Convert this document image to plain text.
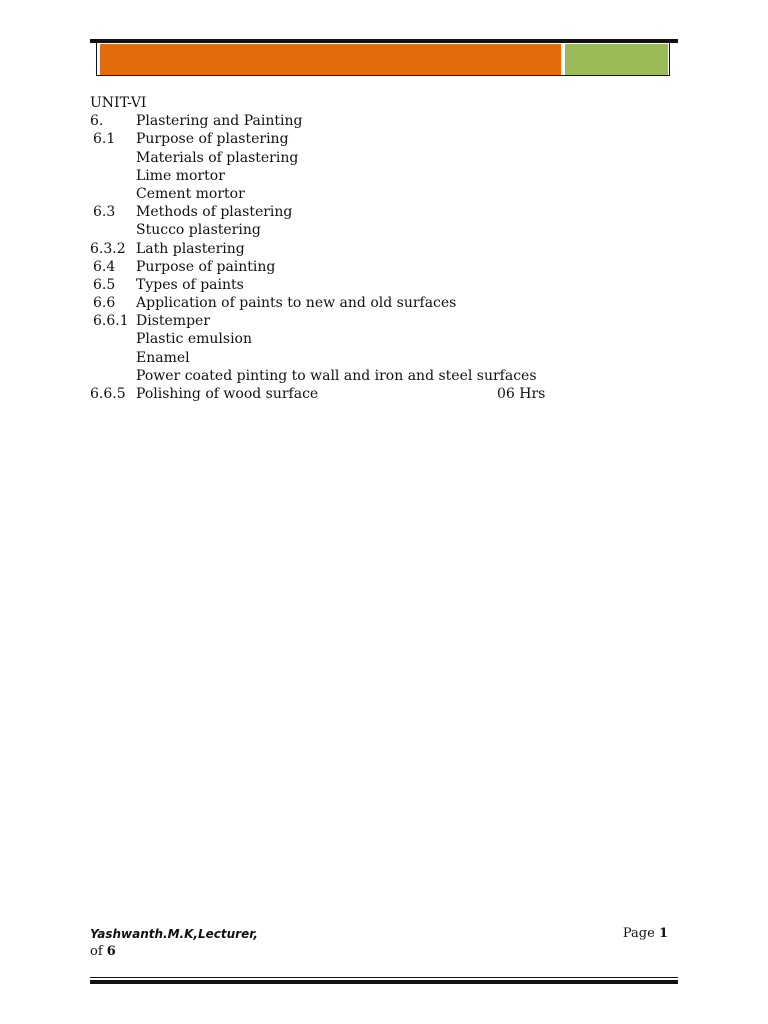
UNIT-VI
6. Plastering and Painting
6.1 Purpose of plastering
Materials of plastering
Lime mortor
Cement mortor
6.3 Methods of plastering
Stucco plastering
6.3.2 Lath plastering
6.4 Purpose of painting
6.5 Types of paints
6.6 Application of paints to new and old surfaces
6.6.1 Distemper
Plastic emulsion
Enamel
Power coated pinting to wall and iron and steel surfaces
6.6.5 Polishing of wood surface	06 Hrs
Yashwanth.M.K,Lecturer,	Page 1
of 6
